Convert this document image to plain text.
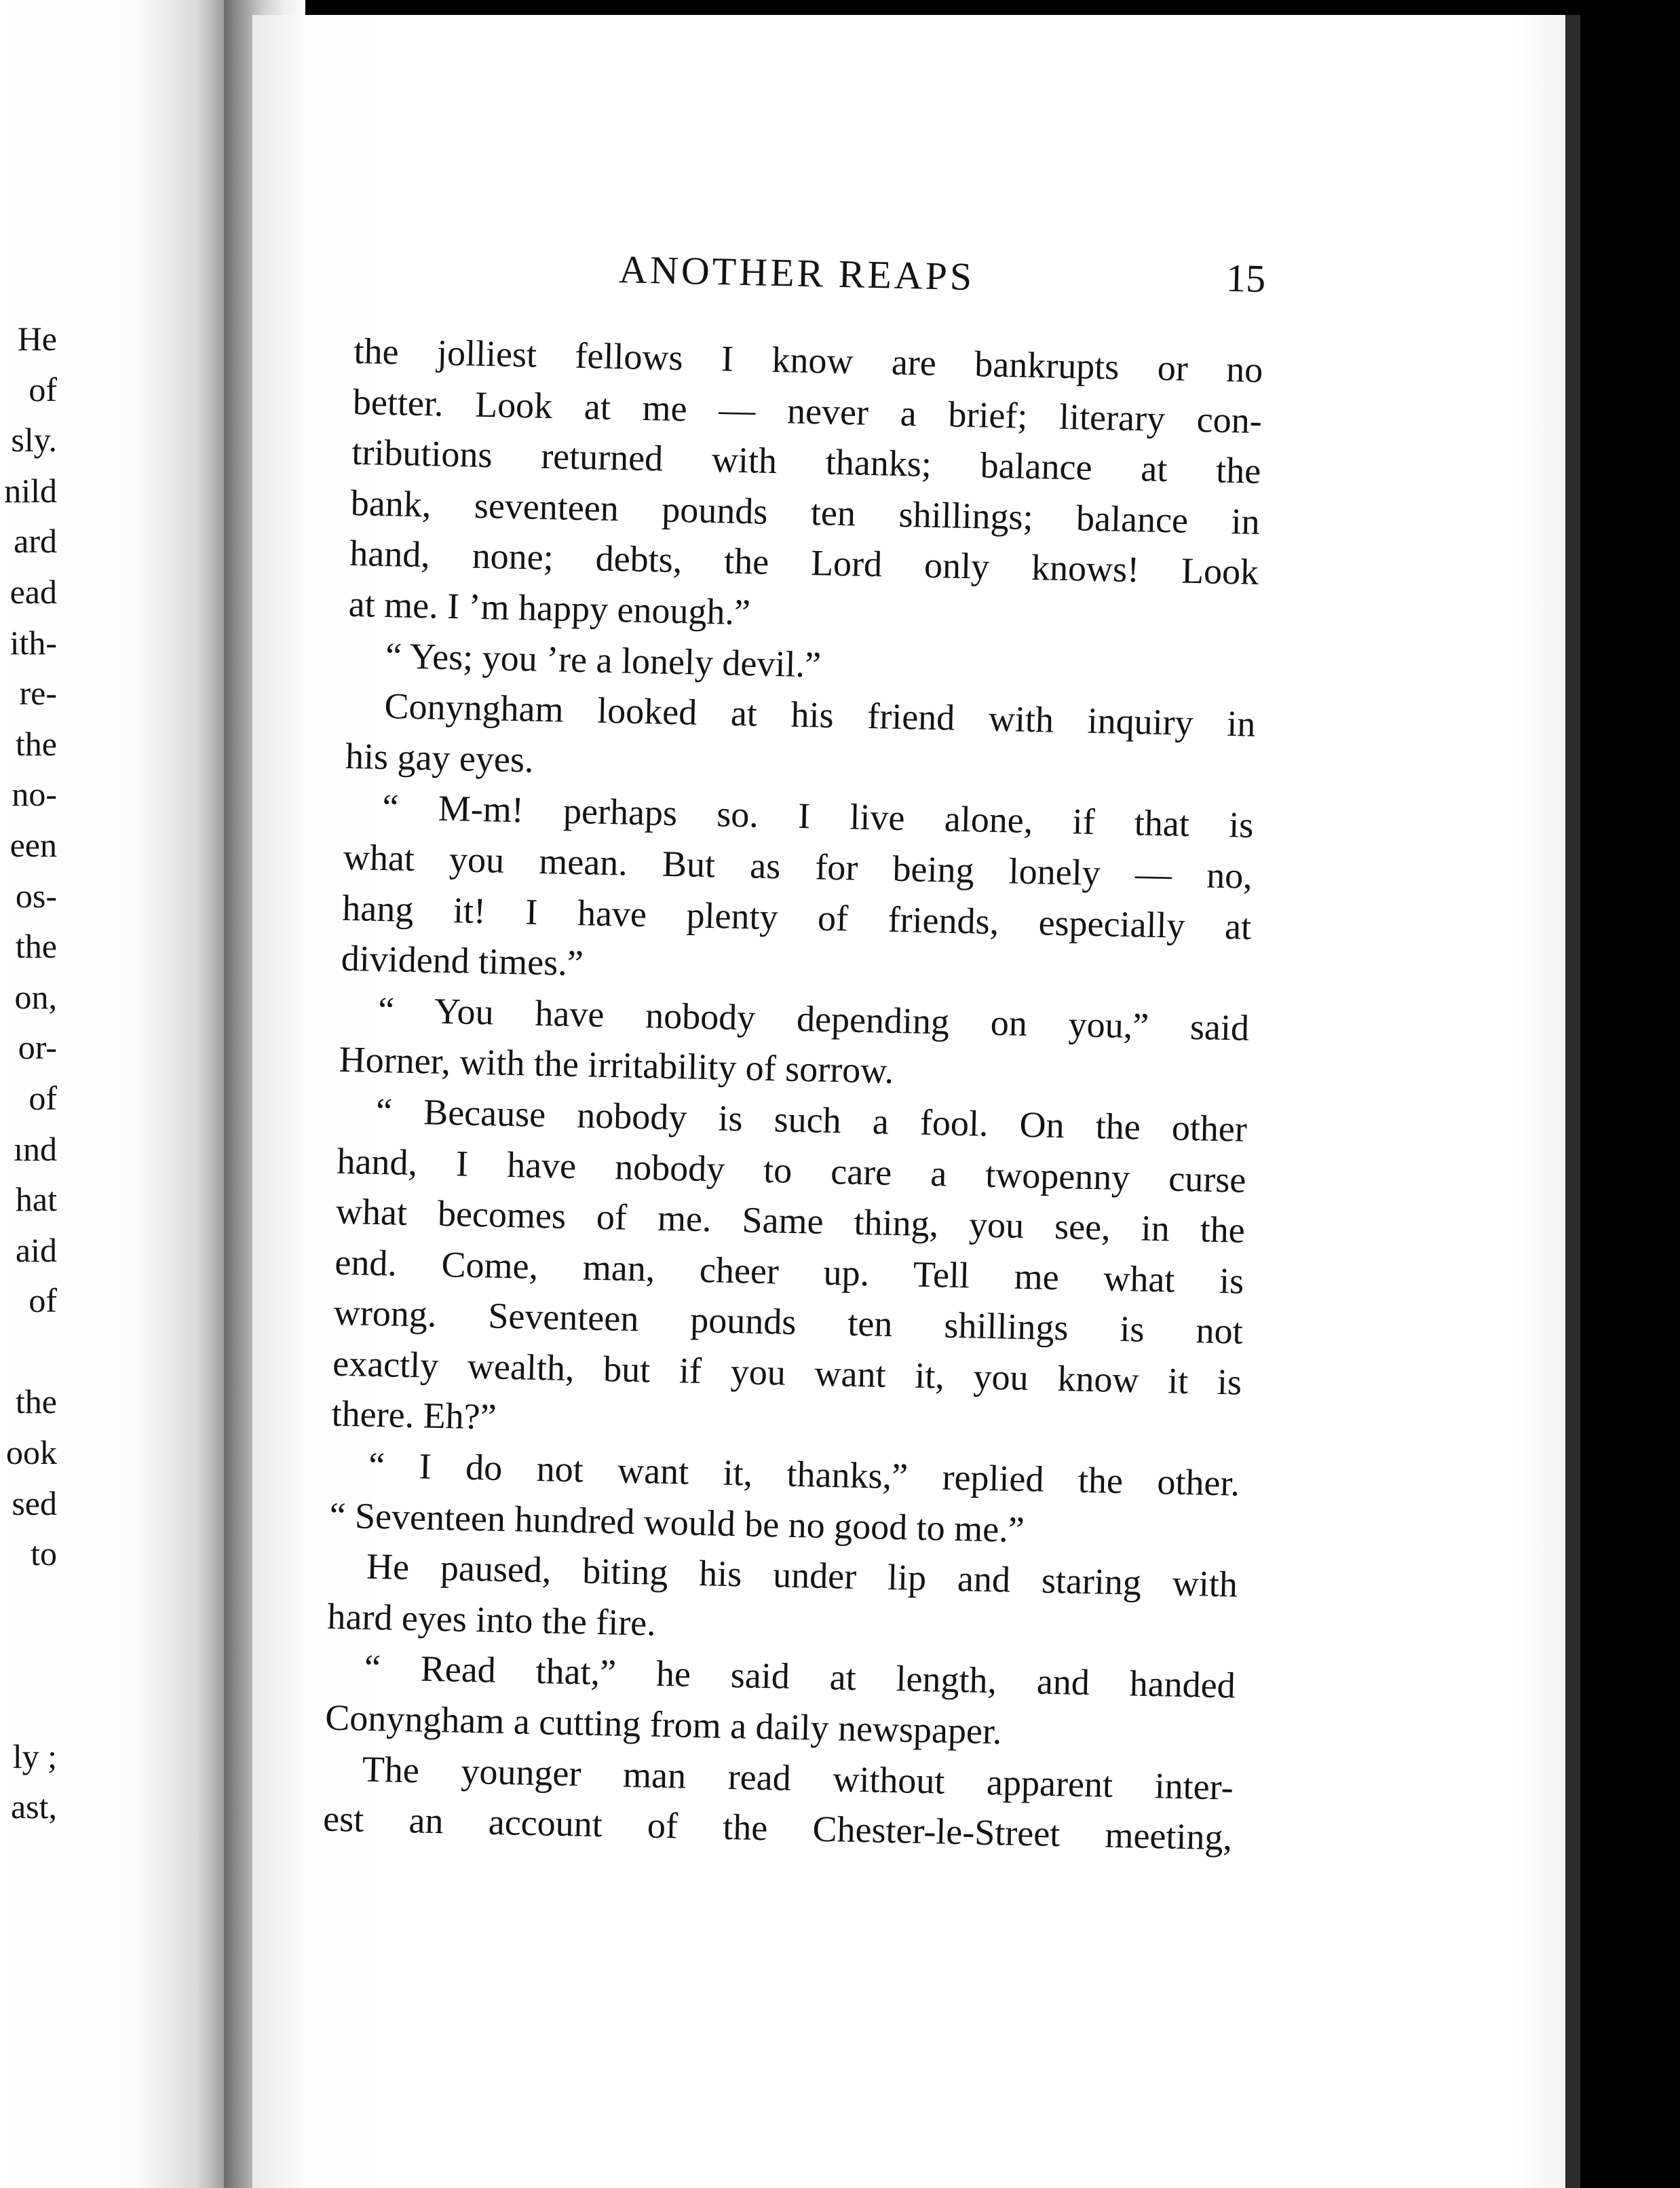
He
of
sly.
nild
ard
ead
ith-
re-
the
no-
een
os-
the
on,
or-
of
ınd
hat
aid
of
the
ook
sed
to
ly ;
ast,
ANOTHER REAPS	15
the jolliest fellows I know are bankrupts or no
better. Look at me — never a brief; literary con-
tributions returned with thanks; balance at the
bank, seventeen pounds ten shillings; balance in
hand, none; debts, the Lord only knows! Look
at me. I ’m happy enough.”
“ Yes; you ’re a lonely devil.”
Conyngham looked at his friend with inquiry in
his gay eyes.
“ M-m! perhaps so. I live alone, if that is
what you mean. But as for being lonely — no,
hang it! I have plenty of friends, especially at
dividend times.”
“ You have nobody depending on you,” said
Horner, with the irritability of sorrow.
“ Because nobody is such a fool. On the other
hand, I have nobody to care a twopenny curse
what becomes of me. Same thing, you see, in the
end. Come, man, cheer up. Tell me what is
wrong. Seventeen pounds ten shillings is not
exactly wealth, but if you want it, you know it is
there. Eh?”
“ I do not want it, thanks,” replied the other.
“ Seventeen hundred would be no good to me.”
He paused, biting his under lip and staring with
hard eyes into the fire.
“ Read that,” he said at length, and handed
Conyngham a cutting from a daily newspaper.
The younger man read without apparent inter-
est an account of the Chester-le-Street meeting,
